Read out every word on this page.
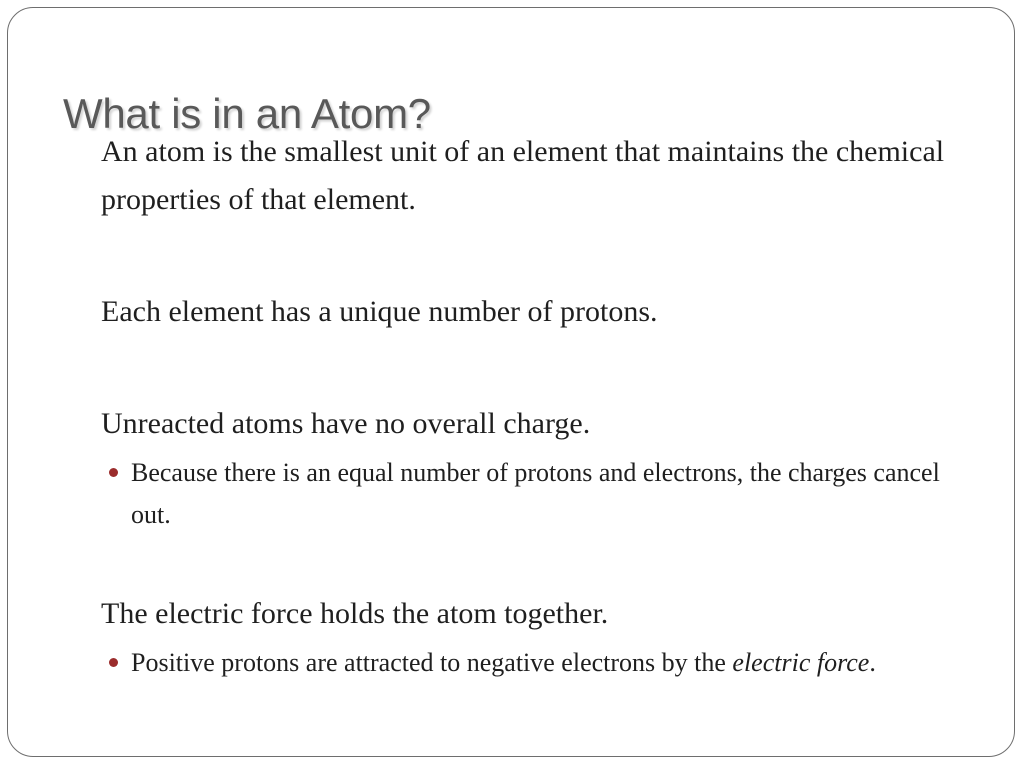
What is in an Atom?

An atom is the smallest unit of an element that maintains the chemical properties of that element.

Each element has a unique number of protons.

Unreacted atoms have no overall charge.

Because there is an equal number of protons and electrons, the charges cancel out.

The electric force holds the atom together.

Positive protons are attracted to negative electrons by the electric force.
